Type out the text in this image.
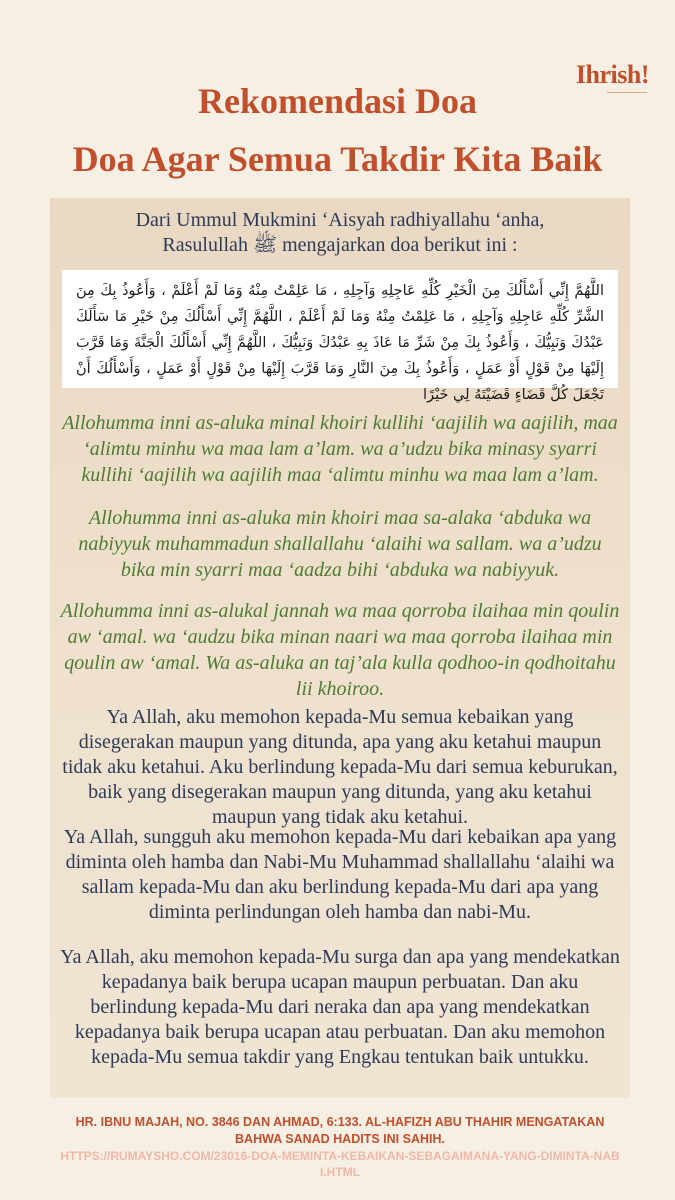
Ihrish!
Rekomendasi Doa
Doa Agar Semua Takdir Kita Baik
Dari Ummul Mukmini ‘Aisyah radhiyallahu ‘anha,
Rasulullah ﷺ mengajarkan doa berikut ini :
اللَّهُمَّ إِنِّي أَسْأَلُكَ مِنَ الْخَيْرِ كُلِّهِ عَاجِلِهِ وَآجِلِهِ ، مَا عَلِمْتُ مِنْهُ وَمَا لَمْ أَعْلَمْ ، وَأَعُوذُ بِكَ مِنَ الشَّرِّ كُلِّهِ عَاجِلِهِ وَآجِلِهِ ، مَا عَلِمْتُ مِنْهُ وَمَا لَمْ أَعْلَمْ ، اللَّهُمَّ إِنِّي أَسْأَلُكَ مِنْ خَيْرِ مَا سَأَلَكَ عَبْدُكَ وَنَبِيُّكَ ، وَأَعُوذُ بِكَ مِنْ شَرِّ مَا عَاذَ بِهِ عَبْدُكَ وَنَبِيُّكَ ، اللَّهُمَّ إِنِّي أَسْأَلُكَ الْجَنَّةَ وَمَا قَرَّبَ إِلَيْهَا مِنْ قَوْلٍ أَوْ عَمَلٍ ، وَأَعُوذُ بِكَ مِنَ النَّارِ وَمَا قَرَّبَ إِلَيْهَا مِنْ قَوْلٍ أَوْ عَمَلٍ ، وَأَسْأَلُكَ أَنْ تَجْعَلَ كُلَّ قَضَاءٍ قَضَيْتَهُ لِي خَيْرًا

Allohumma inni as-aluka minal khoiri kullihi ‘aajilih wa aajilih, maa ‘alimtu minhu wa maa lam a’lam. wa a’udzu bika minasy syarri kullihi ‘aajilih wa aajilih maa ‘alimtu minhu wa maa lam a’lam.

Allohumma inni as-aluka min khoiri maa sa-alaka ‘abduka wa nabiyyuk muhammadun shallallahu ‘alaihi wa sallam. wa a’udzu bika min syarri maa ‘aadza bihi ‘abduka wa nabiyyuk.

Allohumma inni as-alukal jannah wa maa qorroba ilaihaa min qoulin aw ‘amal. wa ‘audzu bika minan naari wa maa qorroba ilaihaa min qoulin aw ‘amal. Wa as-aluka an taj’ala kulla qodhoo-in qodhoitahu lii khoiroo.

Ya Allah, aku memohon kepada-Mu semua kebaikan yang disegerakan maupun yang ditunda, apa yang aku ketahui maupun tidak aku ketahui. Aku berlindung kepada-Mu dari semua keburukan, baik yang disegerakan maupun yang ditunda, yang aku ketahui maupun yang tidak aku ketahui.

Ya Allah, sungguh aku memohon kepada-Mu dari kebaikan apa yang diminta oleh hamba dan Nabi-Mu Muhammad shallallahu ‘alaihi wa sallam kepada-Mu dan aku berlindung kepada-Mu dari apa yang diminta perlindungan oleh hamba dan nabi-Mu.

Ya Allah, aku memohon kepada-Mu surga dan apa yang mendekatkan kepadanya baik berupa ucapan maupun perbuatan. Dan aku berlindung kepada-Mu dari neraka dan apa yang mendekatkan kepadanya baik berupa ucapan atau perbuatan. Dan aku memohon kepada-Mu semua takdir yang Engkau tentukan baik untukku.

HR. IBNU MAJAH, NO. 3846 DAN AHMAD, 6:133. AL-HAFIZH ABU THAHIR MENGATAKAN BAHWA SANAD HADITS INI SAHIH.

HTTPS://RUMAYSHO.COM/23016-DOA-MEMINTA-KEBAIKAN-SEBAGAIMANA-YANG-DIMINTA-NABI.HTML
